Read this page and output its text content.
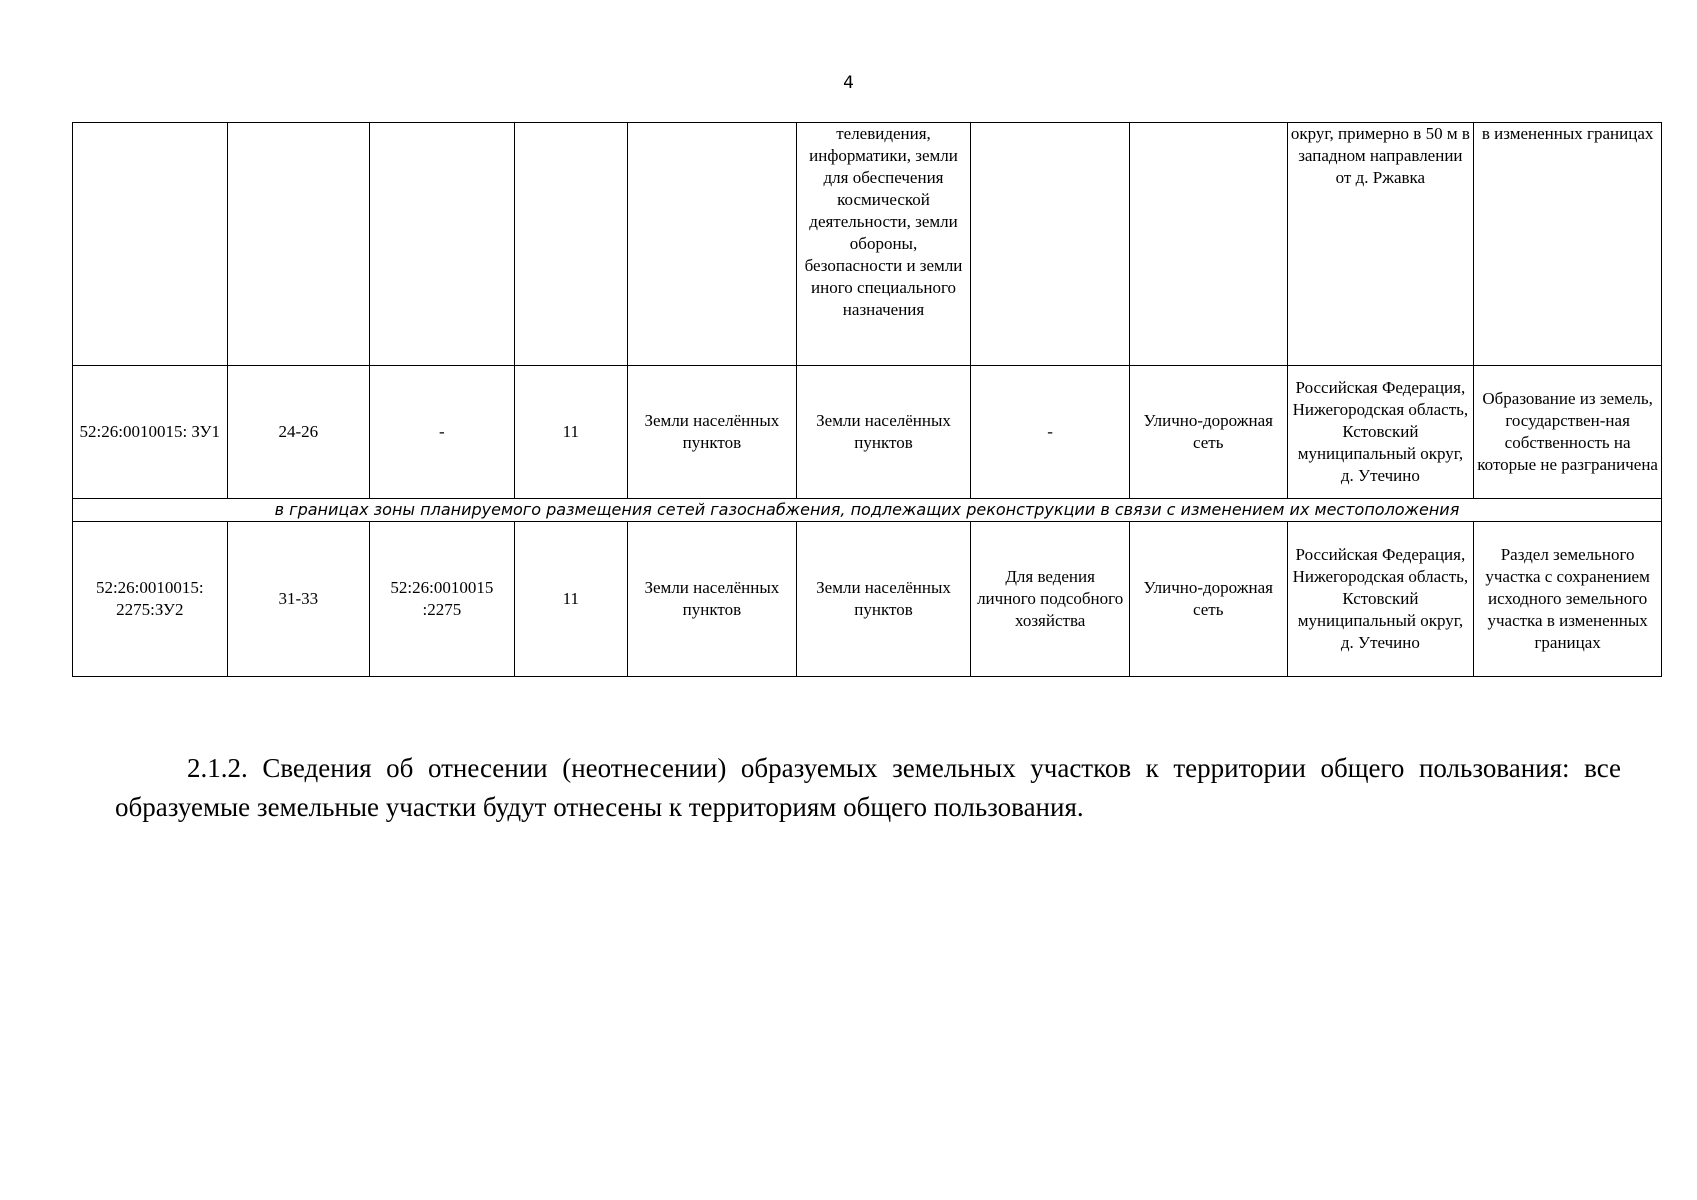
4
					телевидения, информатики, земли для обеспечения космической деятельности, земли обороны, безопасности и земли иного специального назначения			округ, примерно в 50 м в западном направлении от д. Ржавка	в измененных границах
52:26:0010015: ЗУ1	24-26	-	11	Земли населённых пунктов	Земли населённых пунктов	-	Улично-дорожная сеть	Российская Федерация, Нижегородская область, Кстовский муниципальный округ, д. Утечино	Образование из земель, государствен-ная собственность на которые не разграничена
в границах зоны планируемого размещения сетей газоснабжения, подлежащих реконструкции в связи с изменением их местоположения									
52:26:0010015: 2275:ЗУ2	31-33	52:26:0010015 :2275	11	Земли населённых пунктов	Земли населённых пунктов	Для ведения личного подсобного хозяйства	Улично-дорожная сеть	Российская Федерация, Нижегородская область, Кстовский муниципальный округ, д. Утечино	Раздел земельного участка с сохранением исходного земельного участка в измененных границах

2.1.2. Сведения об отнесении (неотнесении) образуемых земельных участков к территории общего пользования: все образуемые земельные участки будут отнесены к территориям общего пользования.
